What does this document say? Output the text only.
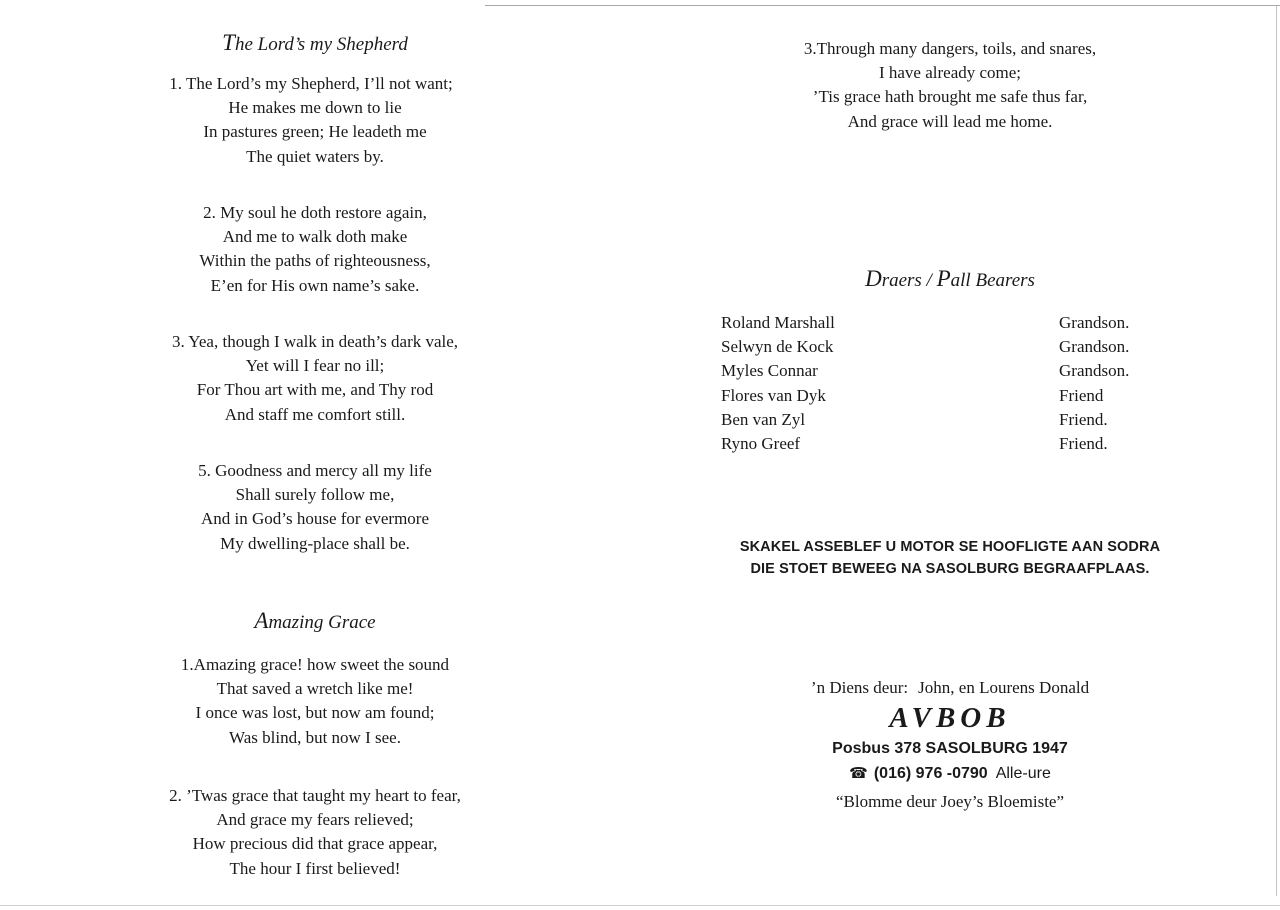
The Lord’s my Shepherd
1. The Lord’s my Shepherd, I’ll not want;
He makes me down to lie
In pastures green; He leadeth me
The quiet waters by.
2. My soul he doth restore again,
And me to walk doth make
Within the paths of righteousness,
E’en for His own name’s sake.
3. Yea, though I walk in death’s dark vale,
Yet will I fear no ill;
For Thou art with me, and Thy rod
And staff me comfort still.
5. Goodness and mercy all my life
Shall surely follow me,
And in God’s house for evermore
My dwelling-place shall be.
Amazing Grace
1.Amazing grace! how sweet the sound
That saved a wretch like me!
I once was lost, but now am found;
Was blind, but now I see.
2. ’Twas grace that taught my heart to fear,
And grace my fears relieved;
How precious did that grace appear,
The hour I first believed!
3.Through many dangers, toils, and snares,
I have already come;
’Tis grace hath brought me safe thus far,
And grace will lead me home.
Draers / Pall Bearers
Roland Marshall	Grandson.
Selwyn de Kock	Grandson.
Myles Connar	Grandson.
Flores van Dyk	Friend
Ben van Zyl	Friend.
Ryno Greef	Friend.
SKAKEL ASSEBLEF U MOTOR SE HOOFLIGTE AAN SODRA
DIE STOET BEWEEG NA SASOLBURG BEGRAAFPLAAS.
’n Diens deur: John, en Lourens Donald
AVBOB
Posbus 378 SASOLBURG 1947
☎ (016) 976 -0790 Alle-ure
“Blomme deur Joey’s Bloemiste”
